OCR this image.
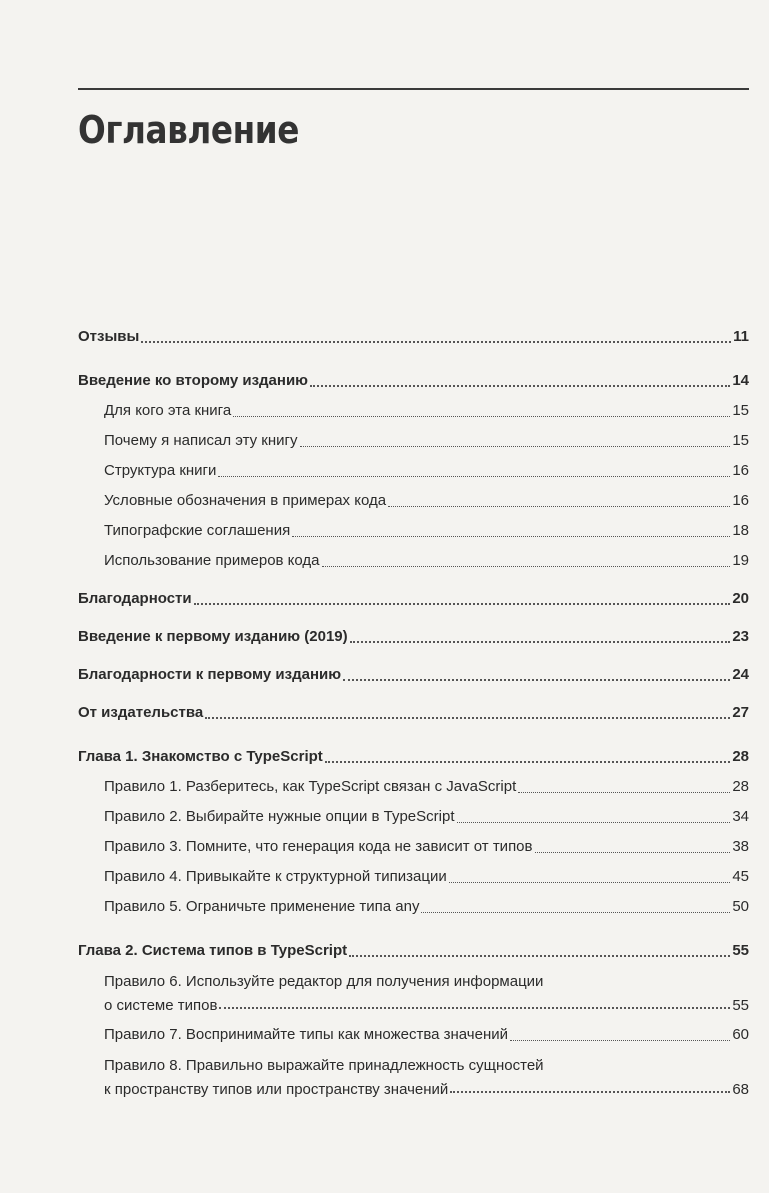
Оглавление
Отзывы	11
Введение ко второму изданию	14
Для кого эта книга	15
Почему я написал эту книгу	15
Структура книги	16
Условные обозначения в примерах кода	16
Типографские соглашения	18
Использование примеров кода	19
Благодарности	20
Введение к первому изданию (2019)	23
Благодарности к первому изданию	24
От издательства	27
Глава 1. Знакомство с TypeScript	28
Правило 1. Разберитесь, как TypeScript связан с JavaScript	28
Правило 2. Выбирайте нужные опции в TypeScript	34
Правило 3. Помните, что генерация кода не зависит от типов	38
Правило 4. Привыкайте к структурной типизации	45
Правило 5. Ограничьте применение типа any	50
Глава 2. Система типов в TypeScript	55
Правило 6. Используйте редактор для получения информации
о системе типов	55
Правило 7. Воспринимайте типы как множества значений	60
Правило 8. Правильно выражайте принадлежность сущностей
к пространству типов или пространству значений	68
